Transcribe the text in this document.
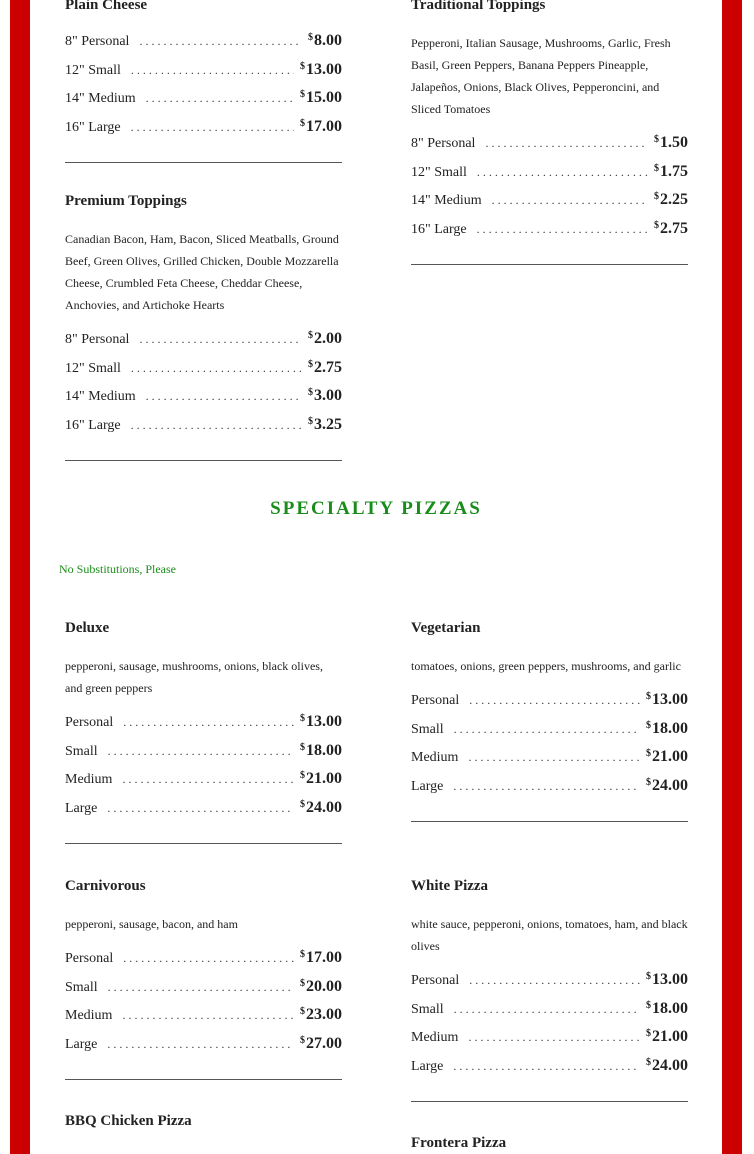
Plain Cheese
8" Personal . . .	$8.00
12" Small . . .	$13.00
14" Medium . . .	$15.00
16" Large . . .	$17.00
Traditional Toppings
Pepperoni, Italian Sausage, Mushrooms, Garlic, Fresh Basil, Green Peppers, Banana Peppers Pineapple, Jalapeños, Onions, Black Olives, Pepperoncini, and Sliced Tomatoes
8" Personal . . .	$1.50
12" Small . . .	$1.75
14" Medium . . .	$2.25
16" Large . . .	$2.75
Premium Toppings
Canadian Bacon, Ham, Bacon, Sliced Meatballs, Ground Beef, Green Olives, Grilled Chicken, Double Mozzarella Cheese, Crumbled Feta Cheese, Cheddar Cheese, Anchovies, and Artichoke Hearts
8" Personal . . .	$2.00
12" Small . . .	$2.75
14" Medium . . .	$3.00
16" Large . . .	$3.25
SPECIALTY PIZZAS
No Substitutions, Please
Deluxe
pepperoni, sausage, mushrooms, onions, black olives, and green peppers
Personal . . .	$13.00
Small . . .	$18.00
Medium . . .	$21.00
Large . . .	$24.00
Vegetarian
tomatoes, onions, green peppers, mushrooms, and garlic
Personal . . .	$13.00
Small . . .	$18.00
Medium . . .	$21.00
Large . . .	$24.00
Carnivorous
pepperoni, sausage, bacon, and ham
Personal . . .	$17.00
Small . . .	$20.00
Medium . . .	$23.00
Large . . .	$27.00
White Pizza
white sauce, pepperoni, onions, tomatoes, ham, and black olives
Personal . . .	$13.00
Small . . .	$18.00
Medium . . .	$21.00
Large . . .	$24.00
BBQ Chicken Pizza
Frontera Pizza
